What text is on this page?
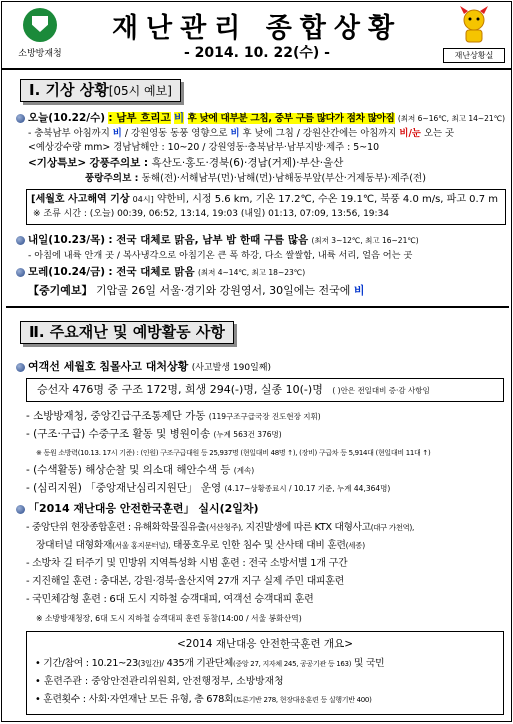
소방방재청
재난관리 종합상황
- 2014. 10. 22(수) -	재난상황실
Ⅰ. 기상 상황[05시 예보]
오늘(10.22/수) : 남부 흐리고 비 후 낮에 대부분 그침, 중부 구름 많다가 점차 많아짐 (최저 6~16℃, 최고 14~21℃)
- 충북남부 아침까지 비 / 강원영동 동풍 영향으로 비 후 낮에 그침 / 강원산간에는 아침까지 비/눈 오는 곳
<예상강수량 mm> 경남남해안 : 10~20 / 강원영동·충북남부·남부지방·제주 : 5~10
<기상특보> 강풍주의보 : 흑산도·홍도·경북(6)·경남(거제)·부산·울산
풍랑주의보 : 동해(전)·서해남부(먼)·남해(먼)·남해동부앞(부산·거제동부)·제주(전)
[세월호 사고해역 기상 04시] 약한비, 시정 5.6 km, 기온 17.2℃, 수온 19.1℃, 북풍 4.0 m/s, 파고 0.7 m
※ 조류 시간 : (오늘) 00:39, 06:52, 13:14, 19:03 (내일) 01:13, 07:09, 13:56, 19:34
내일(10.23/목) : 전국 대체로 맑음, 남부 밤 한때 구름 많음 (최저 3~12℃, 최고 16~21℃)
- 아침에 내륙 안개 곳 / 복사냉각으로 아침기온 큰 폭 하강, 다소 쌀쌀함, 내륙 서리, 얼음 어는 곳
모레(10.24/금) : 전국 대체로 맑음 (최저 4~14℃, 최고 18~23℃)
【중기예보】 기압골 26일 서울·경기와 강원영서, 30일에는 전국에 비
Ⅱ. 주요재난 및 예방활동 사항
여객선 세월호 침몰사고 대처상황 (사고발생 190일째)
승선자 476명 중 구조 172명, 희생 294(-)명, 실종 10(-)명 ( )안은 전일대비 증·감 사항임
- 소방방재청, 중앙긴급구조통제단 가동 (119구조구급국장 진도현장 지휘)
- (구조·구급) 수중구조 활동 및 병원이송 (누계 563건 376명)
※ 동원 소방력(10.13. 17시 기준) : (인원) 구조구급대원 등 25,937명 (현일대비 48명 ↑), (장비) 구급차 등 5,914대 (현일대비 11대 ↑)
- (수색활동) 해상순찰 및 의소대 해안수색 등 (계속)
- (심리지원) 「중앙재난심리지원단」 운영 (4.17~상황종료시 / 10.17 기준, 누계 44,364명)
「2014 재난대응 안전한국훈련」 실시(2일차)
- 중앙단위 현장종합훈련 : 유해화학물질유출(서산청주), 지진발생에 따른 KTX 대형사고(대구 가천역),
장대터널 대형화재(서울 홍지문터널), 태풍호우로 인한 침수 및 산사태 대비 훈련(세종)
- 소방차 길 터주기 및 민방위 지역특성화 시범 훈련 : 전국 소방서별 1개 구간
- 지진해일 훈련 : 충대본, 강원·경북·울산지역 27개 지구 실제 주민 대피훈련
- 국민체감형 훈련 : 6대 도시 지하철 승객대피, 여객선 승객대피 훈련
※ 소방방재청장, 6대 도시 지하철 승객대피 훈련 동참(14:00 / 서울 봉화산역)
<2014 재난대응 안전한국훈련 개요>
• 기간/참여 : 10.21~23(3일간)/ 435개 기관단체(중앙 27, 지자체 245, 공공기관 등 163) 및 국민
• 훈련주관 : 중앙안전관리위원회, 안전행정부, 소방방재청
• 훈련횟수 : 사회·자연재난 모든 유형, 총 678회(토론기반 278, 현장대응훈련 등 실행기반 400)
